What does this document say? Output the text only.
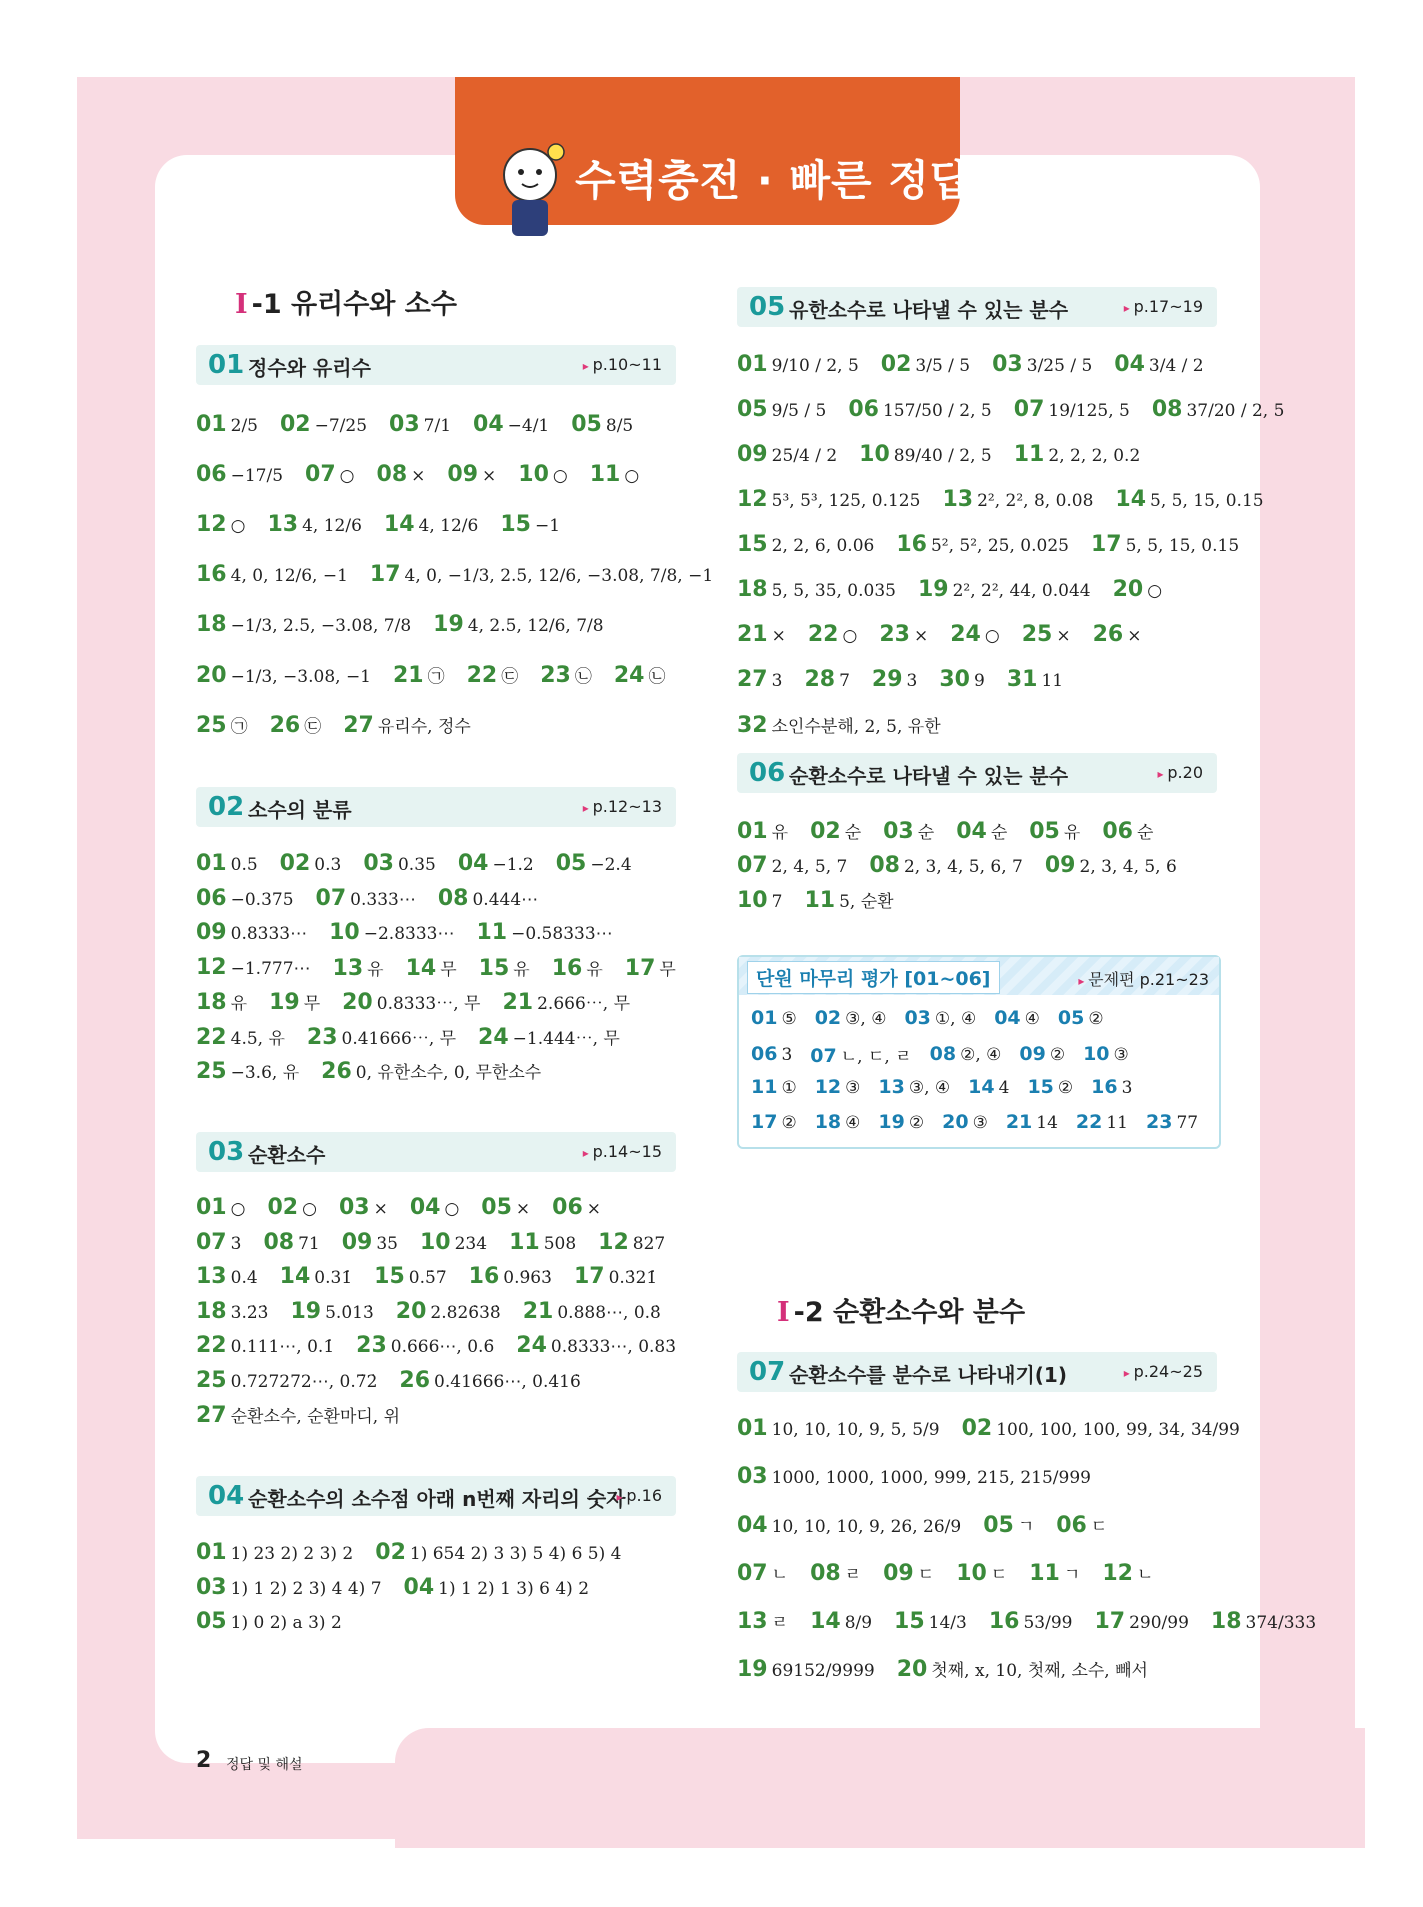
수력충전 · 빠른 정답
Ⅰ -1 유리수와 소수
Ⅰ -2 순환소수와 분수
01 정수와 유리수	▸ p.10~11
02 소수의 분류	▸ p.12~13
03 순환소수	▸ p.14~15
04 순환소수의 소수점 아래 n번째 자리의 숫자 ▸ p.16
05 유한소수로 나타낼 수 있는 분수	▸ p.17~19
06 순환소수로 나타낼 수 있는 분수	▸ p.20
07 순환소수를 분수로 나타내기(1)	▸ p.24~25
01 2/5 02 −7/25 03 7/1 04 −4/1 05 8/5
06 −17/5 07 ○ 08 × 09 × 10 ○ 11 ○
12 ○ 13 4, 12/6 14 4, 12/6 15 −1
16 4, 0, 12/6, −1 17 4, 0, −1/3, 2.5, 12/6, −3.08, 7/8, −1
18 −1/3, 2.5, −3.08, 7/8 19 4, 2.5, 12/6, 7/8
20 −1/3, −3.08, −1 21 ㉠ 22 ㉢ 23 ㉡ 24 ㉡
25 ㉠ 26 ㉢ 27 유리수, 정수
01 0.5 02 0.3 03 0.35 04 −1.2 05 −2.4
06 −0.375 07 0.333⋯ 08 0.444⋯
09 0.8333⋯ 10 −2.8333⋯ 11 −0.58333⋯
12 −1.777⋯ 13 유 14 무 15 유 16 유 17 무
18 유 19 무 20 0.8333⋯, 무 21 2.666⋯, 무
22 4.5, 유 23 0.41666⋯, 무 24 −1.444⋯, 무
25 −3.6, 유 26 0, 유한소수, 0, 무한소수
01 ○ 02 ○ 03 × 04 ○ 05 × 06 ×
07 3 08 71 09 35 10 234 11 508 12 827
13 0.4̇ 14 0.31̇ 15 0.5̇7̇ 16 0.9̇63̇ 17 0.3̇21̇
18 3.2̇3̇ 19 5.0̇13̇ 20 2.826̇38̇ 21 0.888⋯, 0.8̇
22 0.111⋯, 0.1̇ 23 0.666⋯, 0.6̇ 24 0.8333⋯, 0.83̇
25 0.727272⋯, 0.7̇2̇ 26 0.41666⋯, 0.416̇
27 순환소수, 순환마디, 위
01 1) 23 2) 2 3) 2 02 1) 654 2) 3 3) 5 4) 6 5) 4
03 1) 1 2) 2 3) 4 4) 7 04 1) 1 2) 1 3) 6 4) 2
05 1) 0 2) a 3) 2
01 9/10 / 2, 5 02 3/5 / 5 03 3/25 / 5 04 3/4 / 2
05 9/5 / 5 06 157/50 / 2, 5 07 19/125, 5 08 37/20 / 2, 5
09 25/4 / 2 10 89/40 / 2, 5 11 2, 2, 2, 0.2
12 5³, 5³, 125, 0.125 13 2², 2², 8, 0.08 14 5, 5, 15, 0.15
15 2, 2, 6, 0.06 16 5², 5², 25, 0.025 17 5, 5, 15, 0.15
18 5, 5, 35, 0.035 19 2², 2², 44, 0.044 20 ○
21 × 22 ○ 23 × 24 ○ 25 × 26 ×
27 3 28 7 29 3 30 9 31 11
32 소인수분해, 2, 5, 유한
01 유 02 순 03 순 04 순 05 유 06 순
07 2, 4, 5, 7 08 2, 3, 4, 5, 6, 7 09 2, 3, 4, 5, 6
10 7 11 5, 순환
01 10, 10, 10, 9, 5, 5/9 02 100, 100, 100, 99, 34, 34/99
03 1000, 1000, 1000, 999, 215, 215/999
04 10, 10, 10, 9, 26, 26/9 05 ㄱ 06 ㄷ
07 ㄴ 08 ㄹ 09 ㄷ 10 ㄷ 11 ㄱ 12 ㄴ
13 ㄹ 14 8/9 15 14/3 16 53/99 17 290/99 18 374/333
19 69152/9999 20 첫째, x, 10, 첫째, 소수, 빼서
단원 마무리 평가 [01~06]	▸ 문제편 p.21~23
01 ⑤ 02 ③, ④ 03 ①, ④ 04 ④ 05 ②
06 3 07 ㄴ, ㄷ, ㄹ 08 ②, ④ 09 ② 10 ③
11 ① 12 ③ 13 ③, ④ 14 4 15 ② 16 3
17 ② 18 ④ 19 ② 20 ③ 21 14 22 11 23 77
2 정답 및 해설
